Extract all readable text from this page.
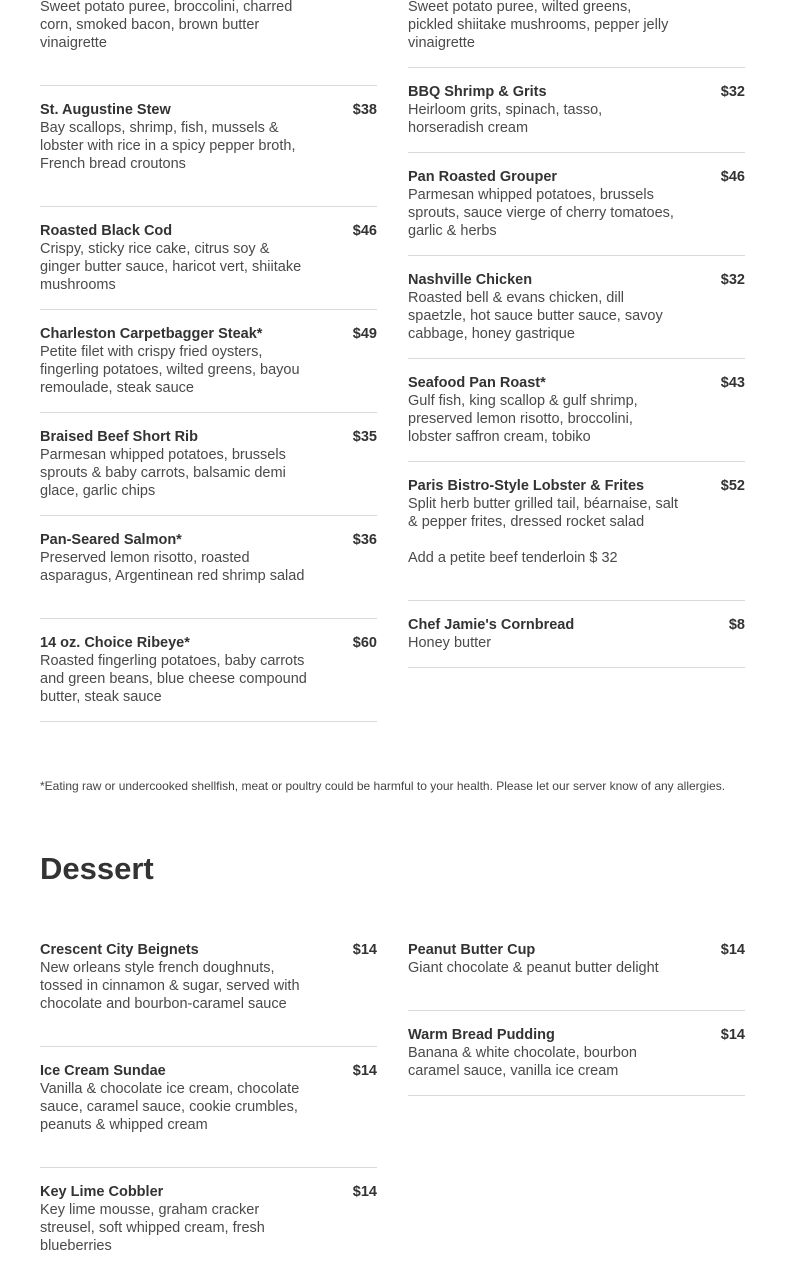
Sweet potato puree, broccolini, charred corn, smoked bacon, brown butter vinaigrette
Sweet potato puree, wilted greens, pickled shiitake mushrooms, pepper jelly vinaigrette
St. Augustine Stew	$38
Bay scallops, shrimp, fish, mussels & lobster with rice in a spicy pepper broth, French bread croutons
Roasted Black Cod	$46
Crispy, sticky rice cake, citrus soy & ginger butter sauce, haricot vert, shiitake mushrooms
Charleston Carpetbagger Steak*	$49
Petite filet with crispy fried oysters, fingerling potatoes, wilted greens, bayou remoulade, steak sauce
Braised Beef Short Rib	$35
Parmesan whipped potatoes, brussels sprouts & baby carrots, balsamic demi glace, garlic chips
Pan-Seared Salmon*	$36
Preserved lemon risotto, roasted asparagus, Argentinean red shrimp salad
14 oz. Choice Ribeye*	$60
Roasted fingerling potatoes, baby carrots and green beans, blue cheese compound butter, steak sauce
BBQ Shrimp & Grits	$32
Heirloom grits, spinach, tasso, horseradish cream
Pan Roasted Grouper	$46
Parmesan whipped potatoes, brussels sprouts, sauce vierge of cherry tomatoes, garlic & herbs
Nashville Chicken	$32
Roasted bell & evans chicken, dill spaetzle, hot sauce butter sauce, savoy cabbage, honey gastrique
Seafood Pan Roast*	$43
Gulf fish, king scallop & gulf shrimp, preserved lemon risotto, broccolini, lobster saffron cream, tobiko
Paris Bistro-Style Lobster & Frites	$52
Split herb butter grilled tail, béarnaise, salt & pepper frites, dressed rocket salad
Add a petite beef tenderloin $ 32
Chef Jamie's Cornbread	$8
Honey butter
*Eating raw or undercooked shellfish, meat or poultry could be harmful to your health. Please let our server know of any allergies.
Dessert
Crescent City Beignets	$14
New orleans style french doughnuts, tossed in cinnamon & sugar, served with chocolate and bourbon-caramel sauce
Ice Cream Sundae	$14
Vanilla & chocolate ice cream, chocolate sauce, caramel sauce, cookie crumbles, peanuts & whipped cream
Key Lime Cobbler	$14
Key lime mousse, graham cracker streusel, soft whipped cream, fresh blueberries
Peanut Butter Cup	$14
Giant chocolate & peanut butter delight
Warm Bread Pudding	$14
Banana & white chocolate, bourbon caramel sauce, vanilla ice cream
